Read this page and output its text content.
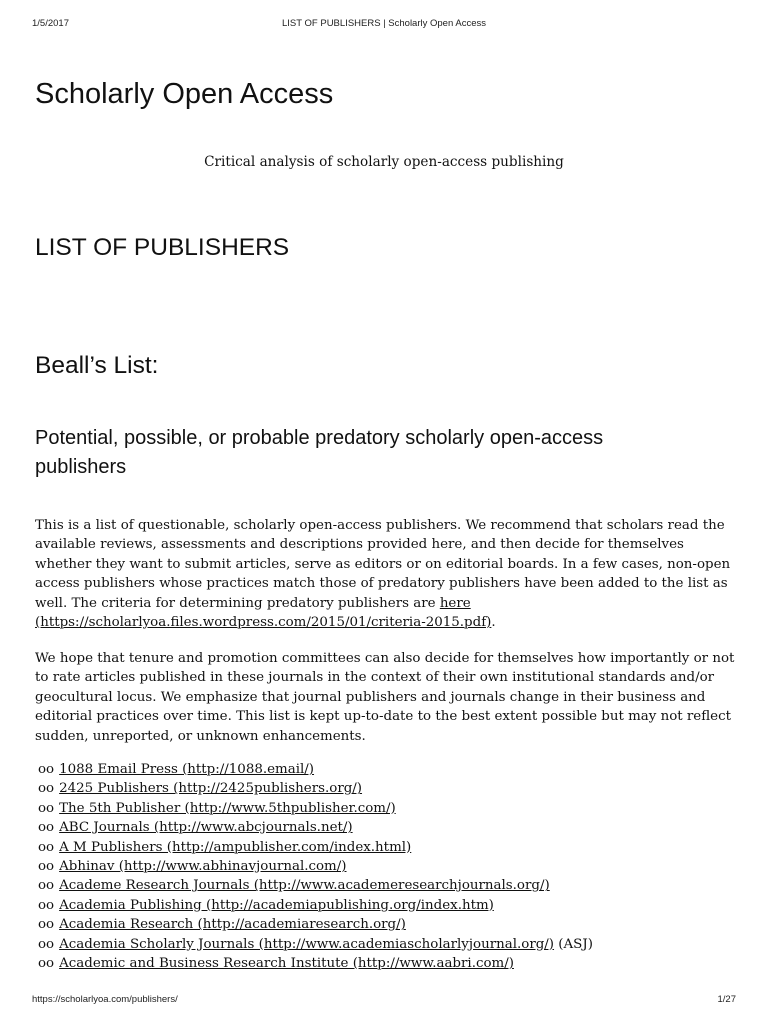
1/5/2017	LIST OF PUBLISHERS | Scholarly Open Access
Scholarly Open Access

Critical analysis of scholarly open-access publishing

LIST OF PUBLISHERS
Beall’s List:
Potential, possible, or probable predatory scholarly open-access publishers

This is a list of questionable, scholarly open-access publishers. We recommend that scholars read the available reviews, assessments and descriptions provided here, and then decide for themselves whether they want to submit articles, serve as editors or on editorial boards. In a few cases, non-open access publishers whose practices match those of predatory publishers have been added to the list as well. The criteria for determining predatory publishers are here (https://scholarlyoa.files.wordpress.com/2015/01/criteria-2015.pdf).

We hope that tenure and promotion committees can also decide for themselves how importantly or not to rate articles published in these journals in the context of their own institutional standards and/or geocultural locus. We emphasize that journal publishers and journals change in their business and editorial practices over time. This list is kept up-to-date to the best extent possible but may not reflect sudden, unreported, or unknown enhancements.

oo 1088 Email Press (http://1088.email/)
oo 2425 Publishers (http://2425publishers.org/)
oo The 5th Publisher (http://www.5thpublisher.com/)
oo ABC Journals (http://www.abcjournals.net/)
oo A M Publishers (http://ampublisher.com/index.html)
oo Abhinav (http://www.abhinavjournal.com/)
oo Academe Research Journals (http://www.academeresearchjournals.org/)
oo Academia Publishing (http://academiapublishing.org/index.htm)
oo Academia Research (http://academiaresearch.org/)
oo Academia Scholarly Journals (http://www.academiascholarlyjournal.org/) (ASJ)
oo Academic and Business Research Institute (http://www.aabri.com/)
https://scholarlyoa.com/publishers/	1/27
